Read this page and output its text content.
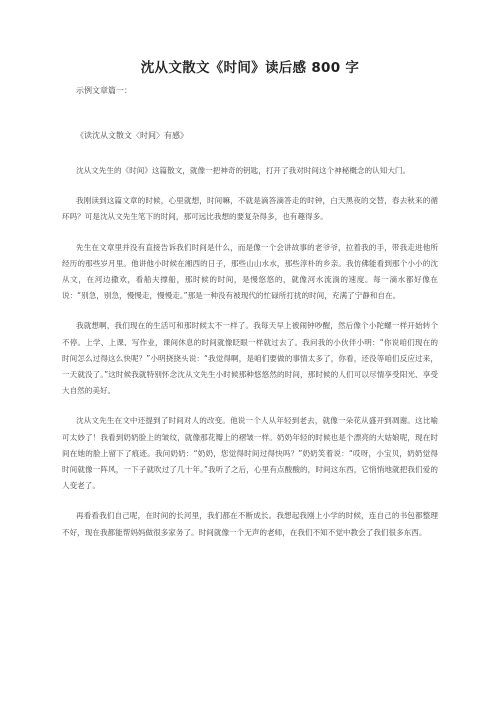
沈从文散文《时间》读后感 800 字
示例文章篇一：
《读沈从文散文〈时间〉有感》

沈从文先生的《时间》这篇散文，就像一把神奇的钥匙，打开了我对时间这个神秘概念的认知大门。

我刚读到这篇文章的时候，心里就想，时间嘛，不就是滴答滴答走的时钟，白天黑夜的交替，春去秋来的循环吗？可是沈从文先生笔下的时间，那可远比我想的要复杂得多，也有趣得多。

先生在文章里并没有直接告诉我们时间是什么，而是像一个会讲故事的老爷爷，拉着我的手，带我走进他所经历的那些岁月里。他讲他小时候在湘西的日子，那些山山水水，那些淳朴的乡亲。我仿佛能看到那个小小的沈从文，在河边撒欢，看船夫撑船，那时候的时间，是慢悠悠的，就像河水流淌的速度。每一滴水都好像在说：“别急，别急，慢慢走，慢慢走。”那是一种没有被现代的忙碌所打扰的时间，充满了宁静和自在。

我就想啊，我们现在的生活可和那时候太不一样了。我每天早上被闹钟吵醒，然后像个小陀螺一样开始转个不停。上学、上课、写作业，课间休息的时间就像眨眼一样就过去了。我问我的小伙伴小明：“你说咱们现在的时间怎么过得这么快呢？”小明挠挠头说：“我觉得啊，是咱们要做的事情太多了，你看，还没等咱们反应过来，一天就没了。”这时候我就特别怀念沈从文先生小时候那种悠悠然的时间，那时候的人们可以尽情享受阳光、享受大自然的美好。

沈从文先生在文中还提到了时间对人的改变。他说一个人从年轻到老去，就像一朵花从盛开到凋谢。这比喻可太妙了！我看到奶奶脸上的皱纹，就像那花瓣上的褶皱一样。奶奶年轻的时候也是个漂亮的大姑娘呢，现在时间在她的脸上留下了痕迹。我问奶奶：“奶奶，您觉得时间过得快吗？”奶奶笑着说：“哎呀，小宝贝，奶奶觉得时间就像一阵风，一下子就吹过了几十年。”我听了之后，心里有点酸酸的，时间这东西，它悄悄地就把我们爱的人变老了。

再看看我们自己呢，在时间的长河里，我们都在不断成长。我想起我刚上小学的时候，连自己的书包都整理不好，现在我都能帮妈妈做很多家务了。时间就像一个无声的老师，在我们不知不觉中教会了我们很多东西。
